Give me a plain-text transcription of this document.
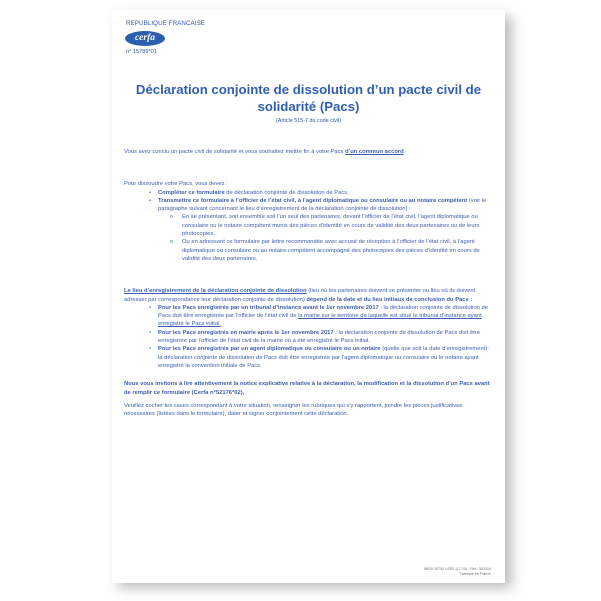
REPUBLIQUE FRANCAISE
cerfa
n° 15789*01
Déclaration conjointe de dissolution d’un pacte civil de solidarité (Pacs)
(Article 515-7 du code civil)

Vous avez conclu un pacte civil de solidarité et vous souhaitez mettre fin à votre Pacs d’un commun accord.

Pour dissoudre votre Pacs, vous devez :

• Compléter ce formulaire de déclaration conjointe de dissolution de Pacs,
• Transmettre ce formulaire à l’officier de l’état civil, à l’agent diplomatique ou consulaire ou au notaire compétent (voir le paragraphe suivant concernant le lieu d’enregistrement de la déclaration conjointe de dissolution) :
o En se présentant, soit ensemble soit l’un seul des partenaires, devant l’officier de l’état civil, l’agent diplomatique ou consulaire ou le notaire compétent munis des pièces d’identité en cours de validité des deux partenaires ou de leurs photocopies,
o Ou en adressant ce formulaire par lettre recommandée avec accusé de réception à l’officier de l’état civil, à l’agent diplomatique ou consulaire ou au notaire compétent accompagné des photocopies des pièces d’identité en cours de validité des deux partenaires.

Le lieu d’enregistrement de la déclaration conjointe de dissolution (lieu où les partenaires doivent se présenter ou lieu où ils doivent adresser par correspondance leur déclaration conjointe de dissolution) dépend de la date et du lieu initiaux de conclusion du Pacs :

• Pour les Pacs enregistrés par un tribunal d’instance avant le 1er novembre 2017 : la déclaration conjointe de dissolution de Pacs doit être enregistrée par l’officier de l’état civil de la mairie sur le territoire de laquelle est situé le tribunal d’instance ayant enregistré le Pacs initial.
• Pour les Pacs enregistrés en mairie après le 1er novembre 2017 : la déclaration conjointe de dissolution de Pacs doit être enregistrée par l’officier de l’état civil de la mairie où a été enregistré le Pacs initial.
• Pour les Pacs enregistrés par un agent diplomatique ou consulaire ou un notaire (quelle que soit la date d’enregistrement) : la déclaration conjointe de dissolution de Pacs doit être enregistrée par l’agent diplomatique ou consulaire ou le notaire ayant enregistré la convention initiale de Pacs.

Nous vous invitons à lire attentivement la notice explicative relative à la déclaration, la modification et la dissolution d’un Pacs avant de remplir ce formulaire (Cerfa n°52176*02).

Veuillez cocher les cases correspondant à votre situation, renseigner les rubriques qui s’y rapportent, joindre les pièces justificatives nécessaires (listées dans le formulaire), dater et signer conjointement cette déclaration.

MEDI 30700 UZÈS (17-10) - Réf : 302424
Fabriqué en France
